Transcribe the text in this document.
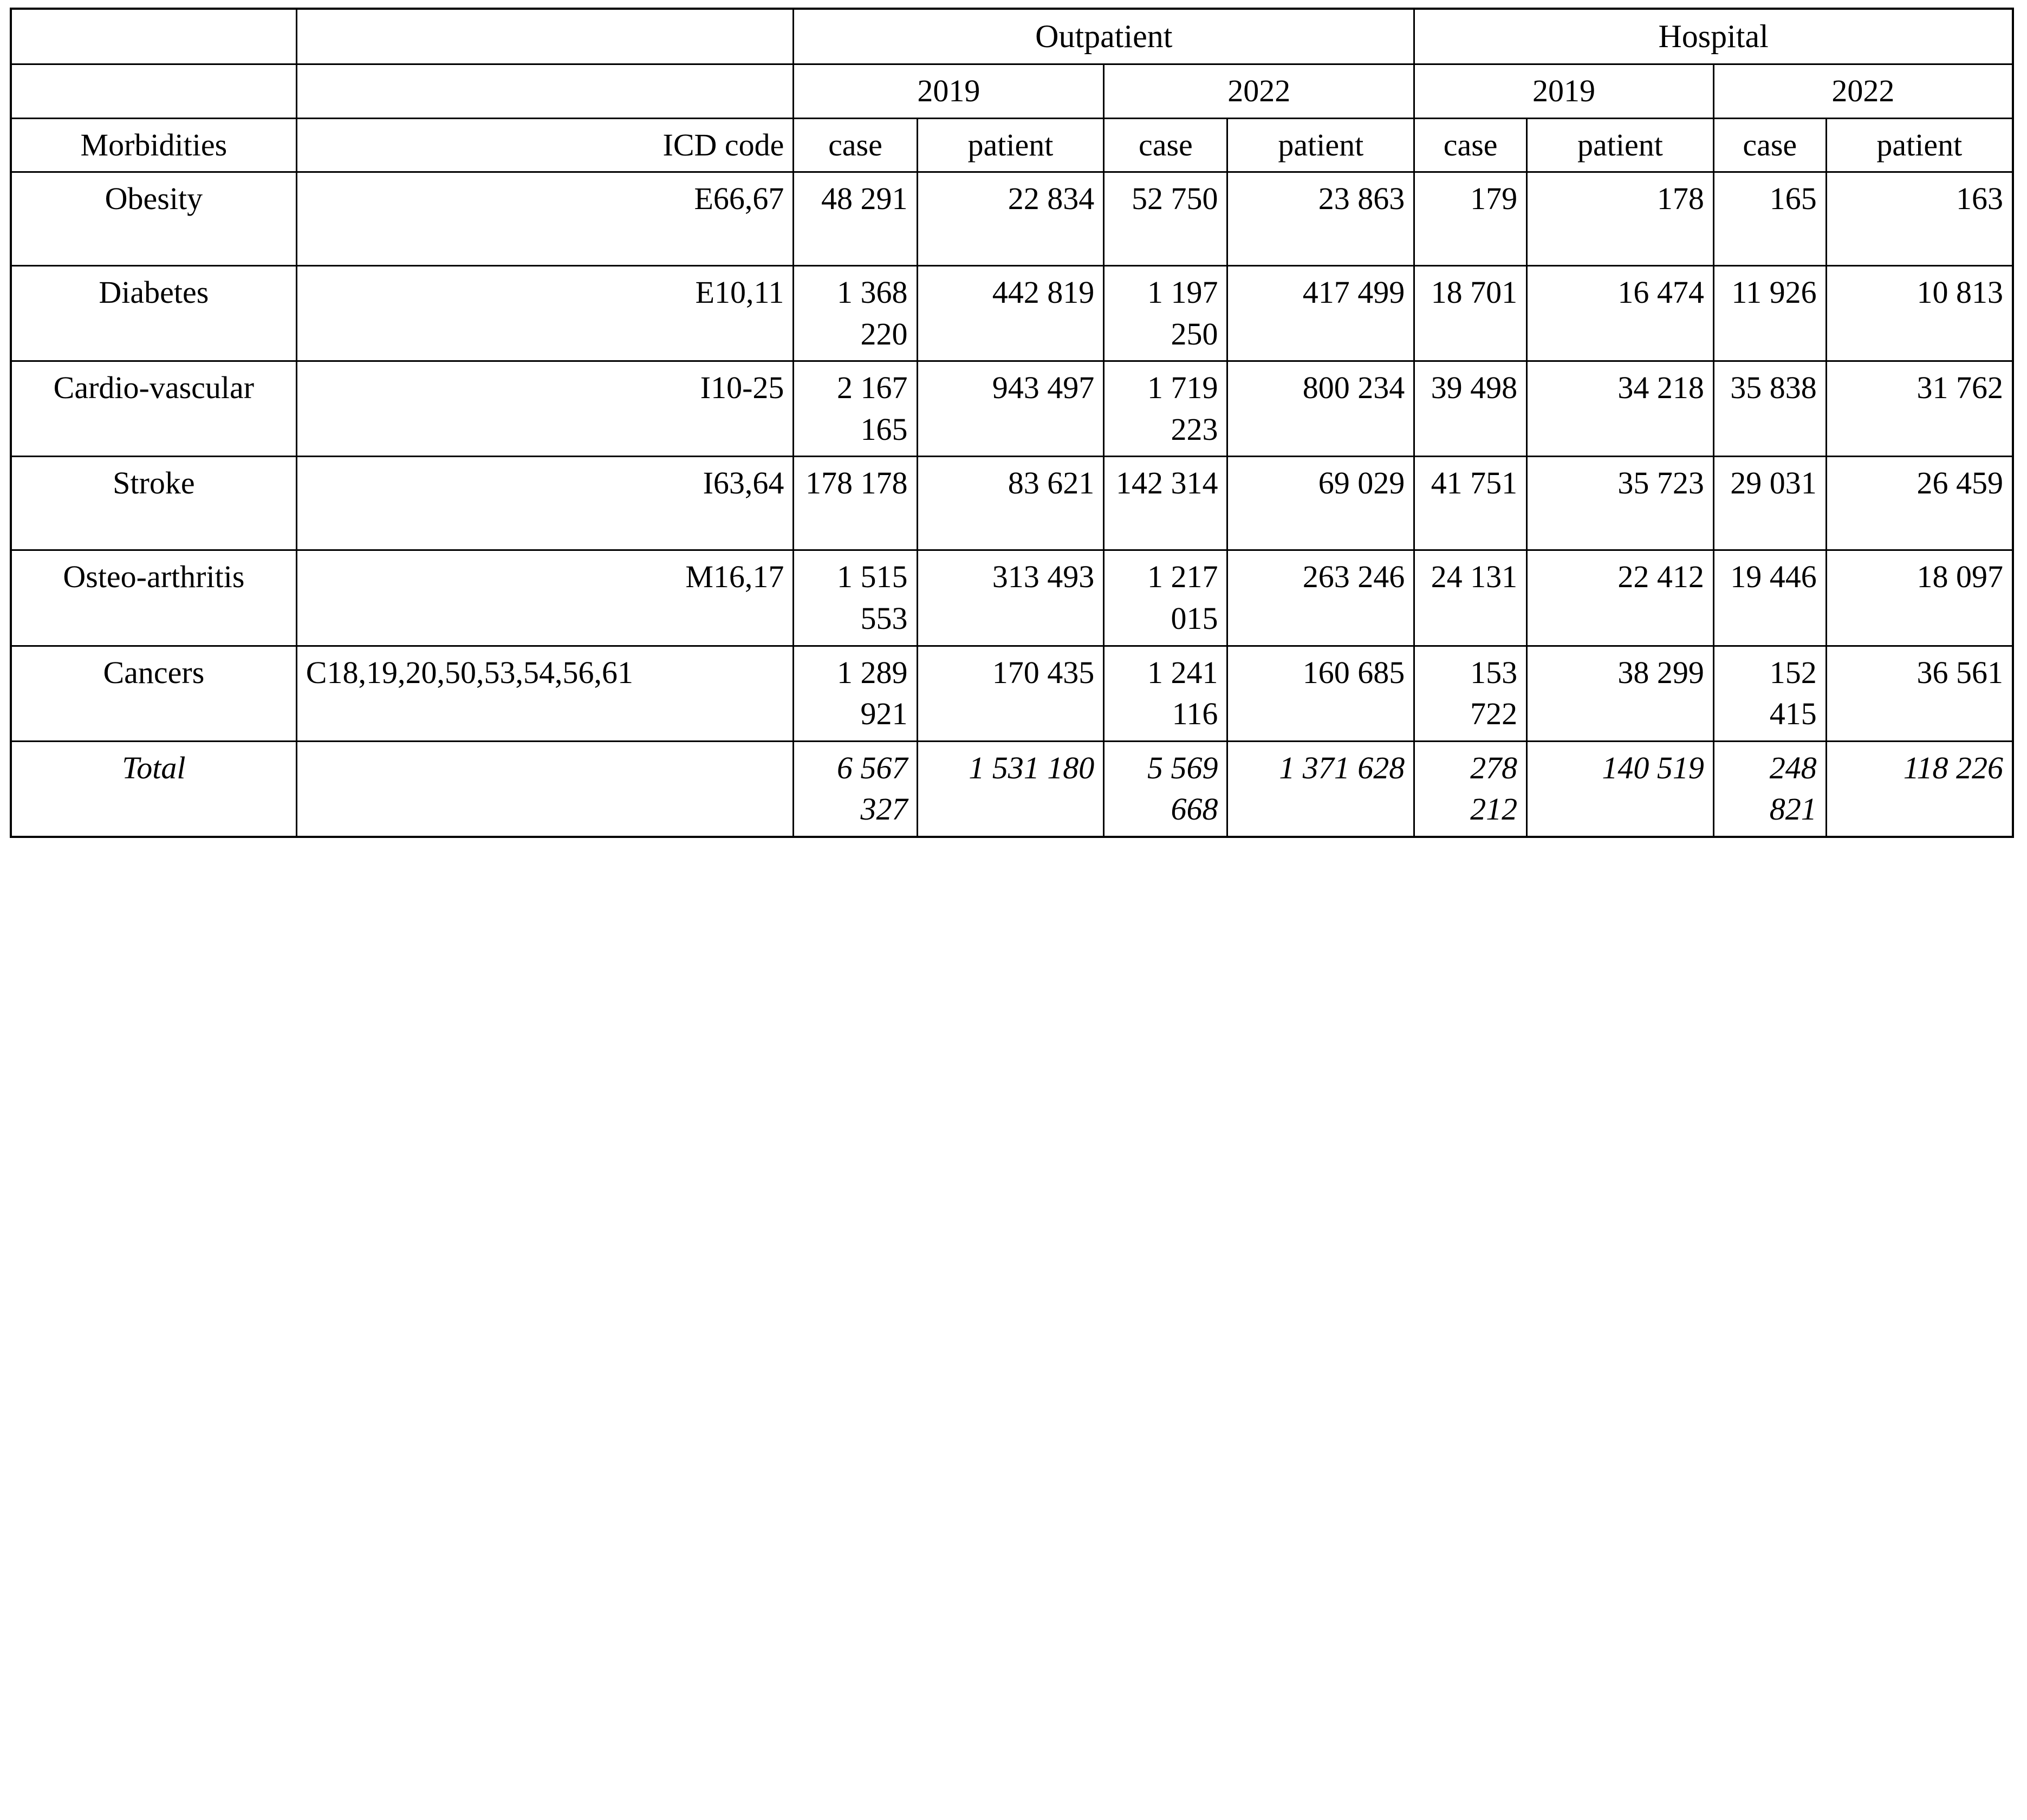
		Outpatient				Hospital			
		2019		2022		2019		2022	
Morbidities	ICD code	case	patient	case	patient	case	patient	case	patient
Obesity	E66,67	48 291	22 834	52 750	23 863	179	178	165	163
Diabetes	E10,11	1 368 220	442 819	1 197 250	417 499	18 701	16 474	11 926	10 813
Cardio-vascular	I10-25	2 167 165	943 497	1 719 223	800 234	39 498	34 218	35 838	31 762
Stroke	I63,64	178 178	83 621	142 314	69 029	41 751	35 723	29 031	26 459
Osteo-arthritis	M16,17	1 515 553	313 493	1 217 015	263 246	24 131	22 412	19 446	18 097
Cancers	C18,19,20,50,53,54,56,61	1 289 921	170 435	1 241 116	160 685	153 722	38 299	152 415	36 561
Total		6 567 327	1 531 180	5 569 668	1 371 628	278 212	140 519	248 821	118 226
